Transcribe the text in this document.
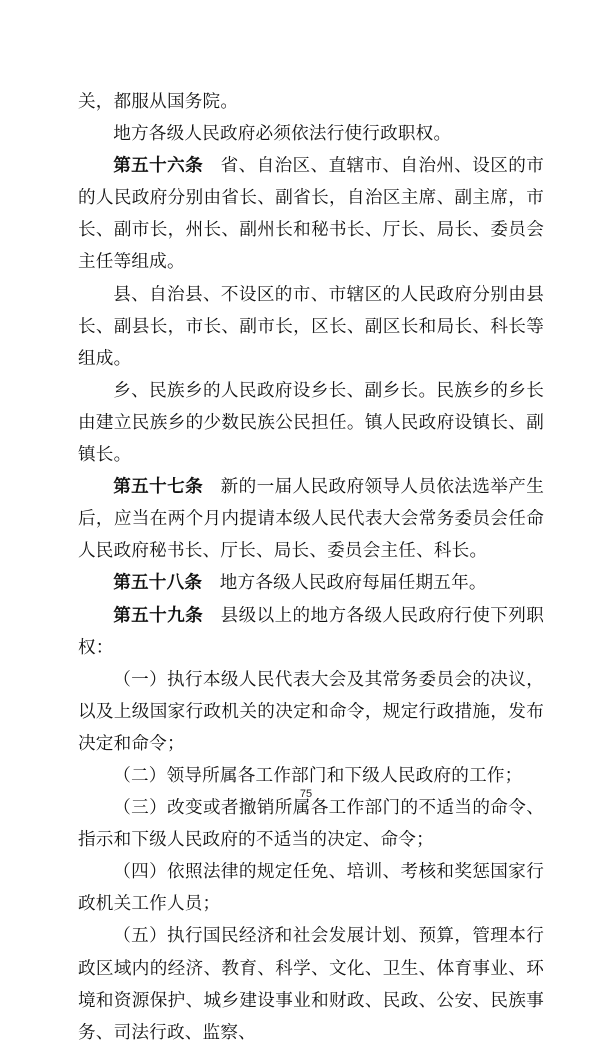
关，都服从国务院。

地方各级人民政府必须依法行使行政职权。

第五十六条 省、自治区、直辖市、自治州、设区的市的人民政府分别由省长、副省长，自治区主席、副主席，市长、副市长，州长、副州长和秘书长、厅长、局长、委员会主任等组成。

县、自治县、不设区的市、市辖区的人民政府分别由县长、副县长，市长、副市长，区长、副区长和局长、科长等组成。

乡、民族乡的人民政府设乡长、副乡长。民族乡的乡长由建立民族乡的少数民族公民担任。镇人民政府设镇长、副镇长。

第五十七条 新的一届人民政府领导人员依法选举产生后，应当在两个月内提请本级人民代表大会常务委员会任命人民政府秘书长、厅长、局长、委员会主任、科长。

第五十八条 地方各级人民政府每届任期五年。

第五十九条 县级以上的地方各级人民政府行使下列职权：

（一）执行本级人民代表大会及其常务委员会的决议，以及上级国家行政机关的决定和命令，规定行政措施，发布决定和命令；

（二）领导所属各工作部门和下级人民政府的工作；

（三）改变或者撤销所属各工作部门的不适当的命令、指示和下级人民政府的不适当的决定、命令；

（四）依照法律的规定任免、培训、考核和奖惩国家行政机关工作人员；

（五）执行国民经济和社会发展计划、预算，管理本行政区域内的经济、教育、科学、文化、卫生、体育事业、环境和资源保护、城乡建设事业和财政、民政、公安、民族事务、司法行政、监察、

75
